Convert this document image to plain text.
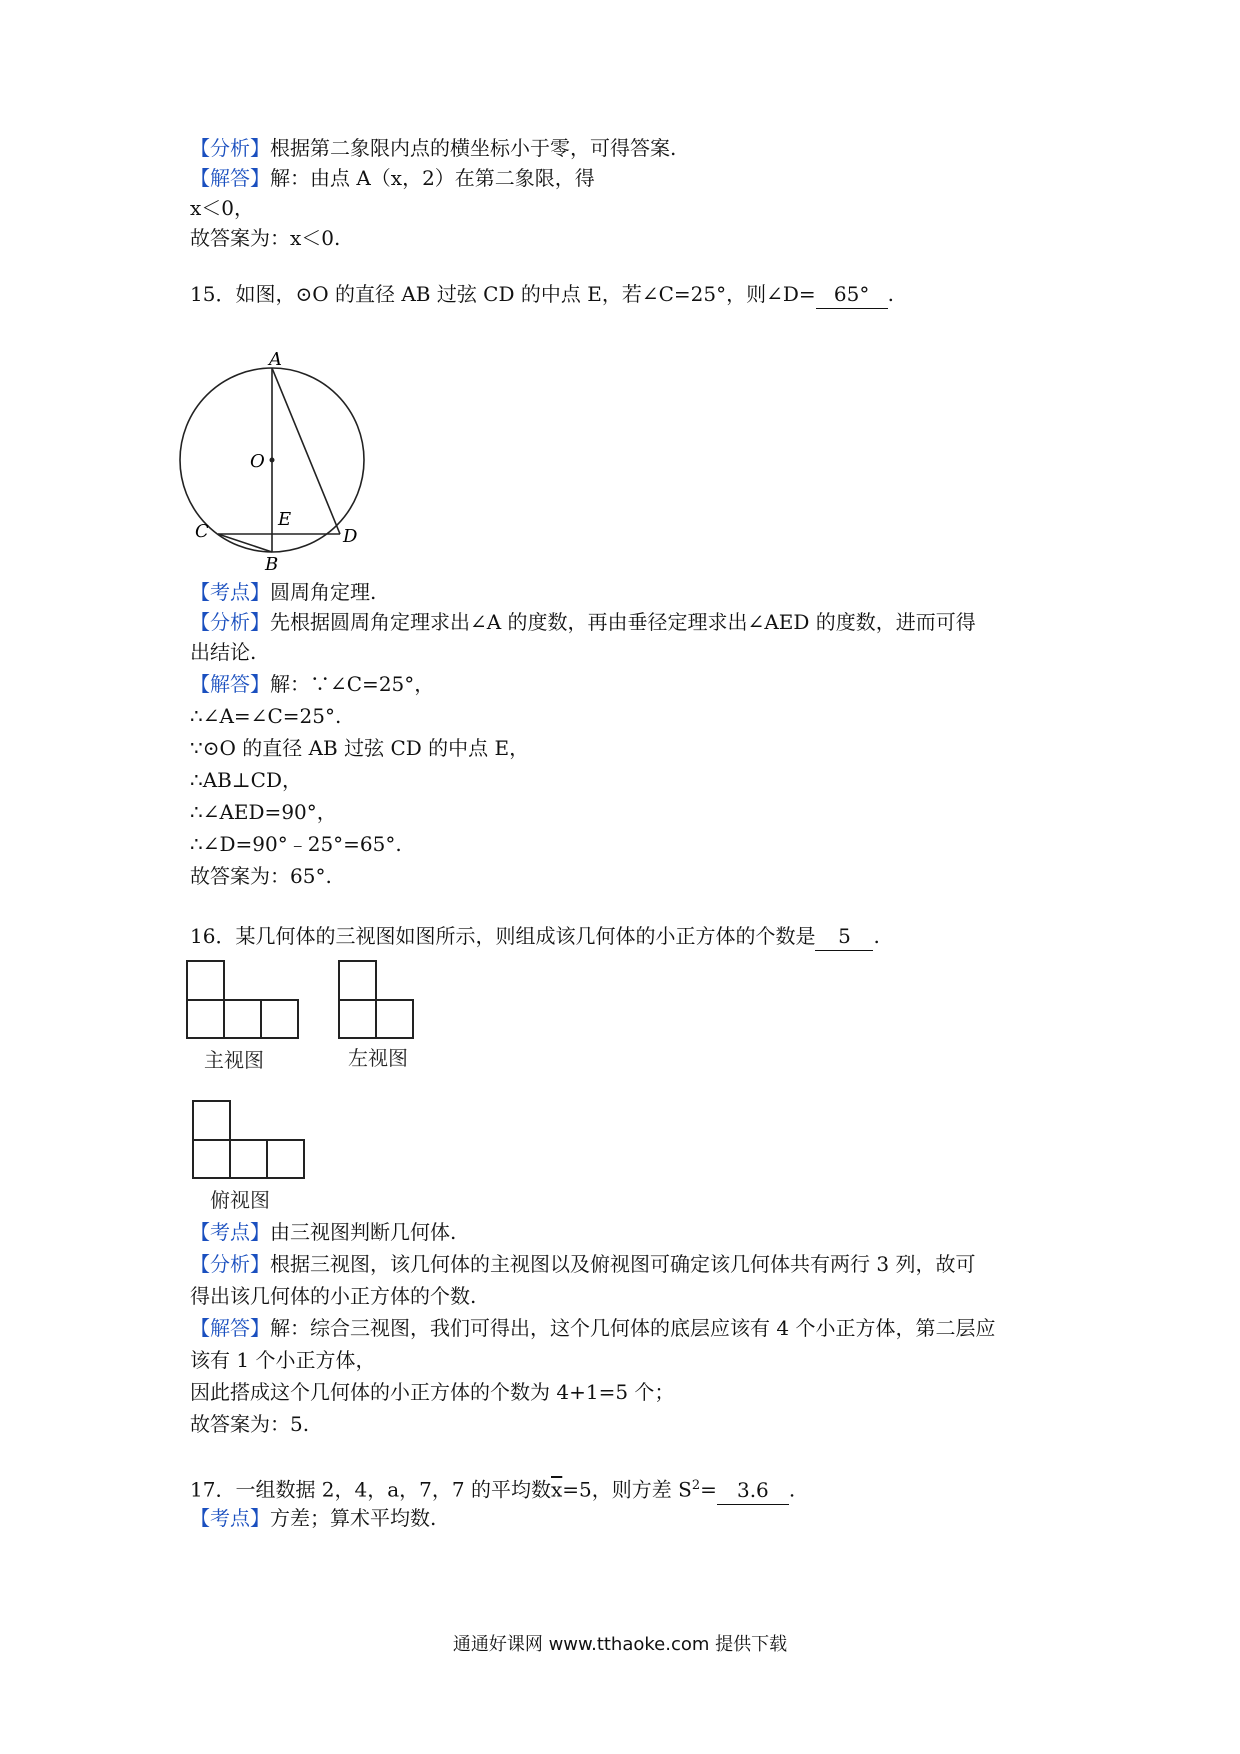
【分析】根据第二象限内点的横坐标小于零，可得答案.
【解答】解：由点 A（x，2）在第二象限，得
x＜0，
故答案为：x＜0.
15．如图，⊙O 的直径 AB 过弦 CD 的中点 E，若∠C=25°，则∠D= 65° .
A
O
E
C	D
B
【考点】圆周角定理.
【分析】先根据圆周角定理求出∠A 的度数，再由垂径定理求出∠AED 的度数，进而可得
出结论.
【解答】解：∵∠C=25°，
∴∠A=∠C=25°.
∵⊙O 的直径 AB 过弦 CD 的中点 E，
∴AB⊥CD，
∴∠AED=90°，
∴∠D=90°﹣25°=65°.
故答案为：65°.
16．某几何体的三视图如图所示，则组成该几何体的小正方体的个数是 5 .
主视图	左视图
俯视图
【考点】由三视图判断几何体.
【分析】根据三视图，该几何体的主视图以及俯视图可确定该几何体共有两行 3 列，故可
得出该几何体的小正方体的个数.
【解答】解：综合三视图，我们可得出，这个几何体的底层应该有 4 个小正方体，第二层应
该有 1 个小正方体，
因此搭成这个几何体的小正方体的个数为 4+1=5 个；
故答案为：5.
17．一组数据 2，4，a，7，7 的平均数$\overline{x}=5$，则方差 $S^2= 3.6$ .
【考点】方差；算术平均数.
通通好课网 www.tthaoke.com 提供下载
